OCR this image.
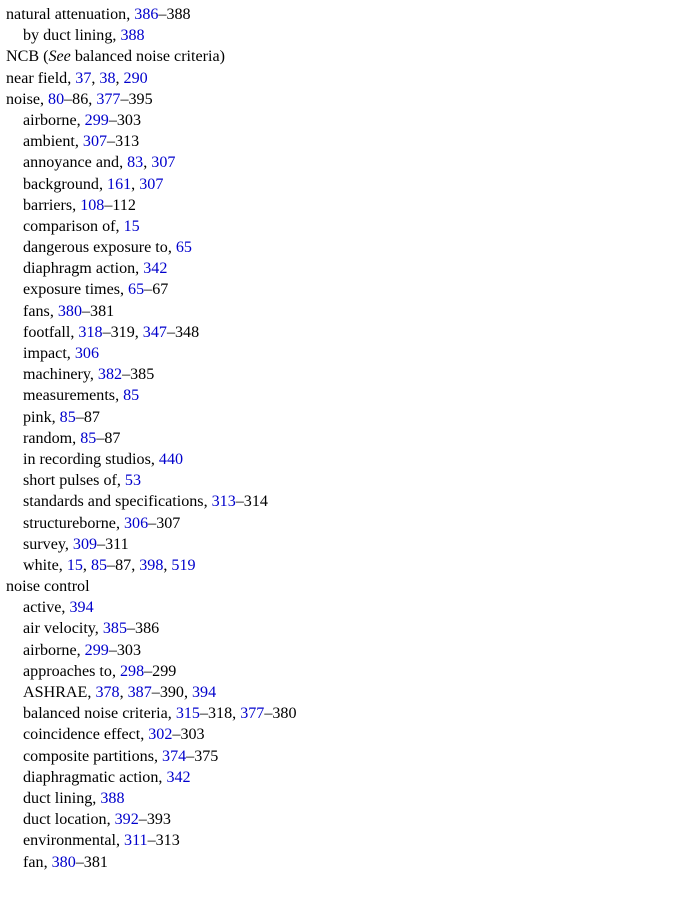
natural attenuation, 386–388
by duct lining, 388
NCB (See balanced noise criteria)
near field, 37, 38, 290
noise, 80–86, 377–395
airborne, 299–303
ambient, 307–313
annoyance and, 83, 307
background, 161, 307
barriers, 108–112
comparison of, 15
dangerous exposure to, 65
diaphragm action, 342
exposure times, 65–67
fans, 380–381
footfall, 318–319, 347–348
impact, 306
machinery, 382–385
measurements, 85
pink, 85–87
random, 85–87
in recording studios, 440
short pulses of, 53
standards and specifications, 313–314
structureborne, 306–307
survey, 309–311
white, 15, 85–87, 398, 519
noise control
active, 394
air velocity, 385–386
airborne, 299–303
approaches to, 298–299
ASHRAE, 378, 387–390, 394
balanced noise criteria, 315–318, 377–380
coincidence effect, 302–303
composite partitions, 374–375
diaphragmatic action, 342
duct lining, 388
duct location, 392–393
environmental, 311–313
fan, 380–381
